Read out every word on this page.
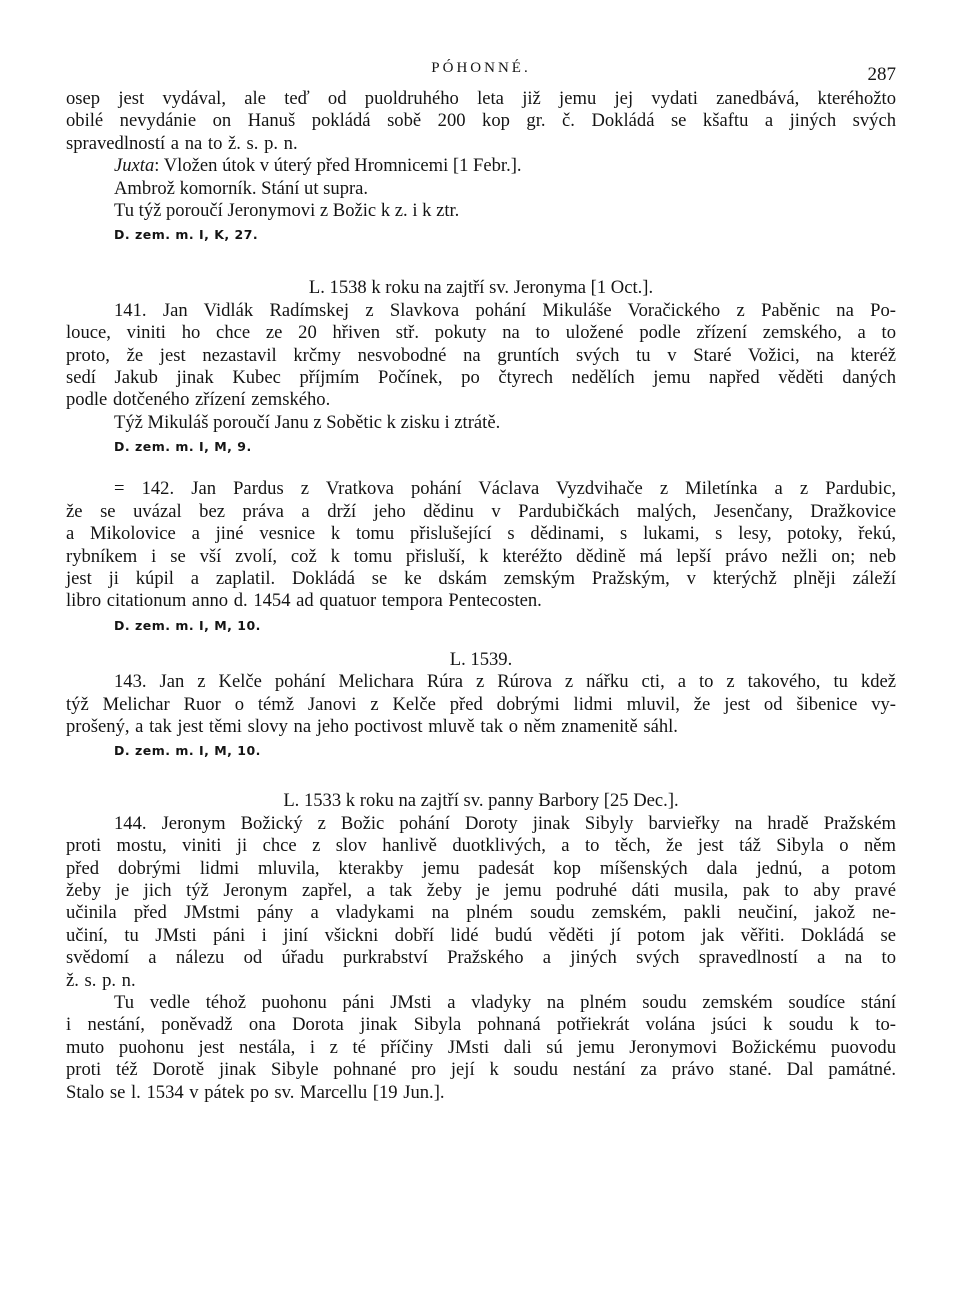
PÓHONNÉ.	287

osep jest vydával, ale teď od puoldruhého leta již jemu jej vydati zanedbává, kteréhožto

obilé nevydánie on Hanuš pokládá sobě 200 kop gr. č. Dokládá se kšaftu a jiných svých

spravedlností a na to ž. s. p. n.

Juxta: Vložen útok v úterý před Hromnicemi [1 Febr.].

Ambrož komorník. Stání ut supra.

Tu týž poroučí Jeronymovi z Božic k z. i k ztr.

D. zem. m. I, K, 27.

L. 1538 k roku na zajtří sv. Jeronyma [1 Oct.].

141. Jan Vidlák Radímskej z Slavkova pohání Mikuláše Voračického z Paběnic na Po-

louce, viniti ho chce ze 20 hřiven stř. pokuty na to uložené podle zřízení zemského, a to

proto, že jest nezastavil krčmy nesvobodné na gruntích svých tu v Staré Vožici, na kteréž

sedí Jakub jinak Kubec příjmím Počínek, po čtyrech nedělích jemu napřed věděti daných

podle dotčeného zřízení zemského.

Týž Mikuláš poroučí Janu z Sobětic k zisku i ztrátě.

D. zem. m. I, M, 9.

= 142. Jan Pardus z Vratkova pohání Václava Vyzdvihače z Miletínka a z Pardubic,

že se uvázal bez práva a drží jeho dědinu v Pardubičkách malých, Jesenčany, Dražkovice

a Mikolovice a jiné vesnice k tomu přislušející s dědinami, s lukami, s lesy, potoky, řekú,

rybníkem i se vší zvolí, což k tomu přisluší, k kteréžto dědině má lepší právo nežli on; neb

jest ji kúpil a zaplatil. Dokládá se ke dskám zemským Pražským, v kterýchž plněji záleží

libro citationum anno d. 1454 ad quatuor tempora Pentecosten.

D. zem. m. I, M, 10.

L. 1539.

143. Jan z Kelče pohání Melichara Rúra z Rúrova z nářku cti, a to z takového, tu kdež

týž Melichar Ruor o témž Janovi z Kelče před dobrými lidmi mluvil, že jest od šibenice vy-

prošený, a tak jest těmi slovy na jeho poctivost mluvě tak o něm znamenitě sáhl.

D. zem. m. I, M, 10.

L. 1533 k roku na zajtří sv. panny Barbory [25 Dec.].

144. Jeronym Božický z Božic pohání Doroty jinak Sibyly barvieřky na hradě Pražském

proti mostu, viniti ji chce z slov hanlivě duotklivých, a to těch, že jest táž Sibyla o něm

před dobrými lidmi mluvila, kterakby jemu padesát kop míšenských dala jednú, a potom

žeby je jich týž Jeronym zapřel, a tak žeby je jemu podruhé dáti musila, pak to aby pravé

učinila před JMstmi pány a vladykami na plném soudu zemském, pakli neučiní, jakož ne-

učiní, tu JMsti páni i jiní všickni dobří lidé budú věděti jí potom jak věřiti. Dokládá se

svědomí a nálezu od úřadu purkrabství Pražského a jiných svých spravedlností a na to

ž. s. p. n.

Tu vedle téhož puohonu páni JMsti a vladyky na plném soudu zemském soudíce stání

i nestání, poněvadž ona Dorota jinak Sibyla pohnaná potřiekrát volána jsúci k soudu k to-

muto puohonu jest nestála, i z té příčiny JMsti dali sú jemu Jeronymovi Božickému puovodu

proti též Dorotě jinak Sibyle pohnané pro její k soudu nestání za právo stané. Dal památné.

Stalo se l. 1534 v pátek po sv. Marcellu [19 Jun.].
